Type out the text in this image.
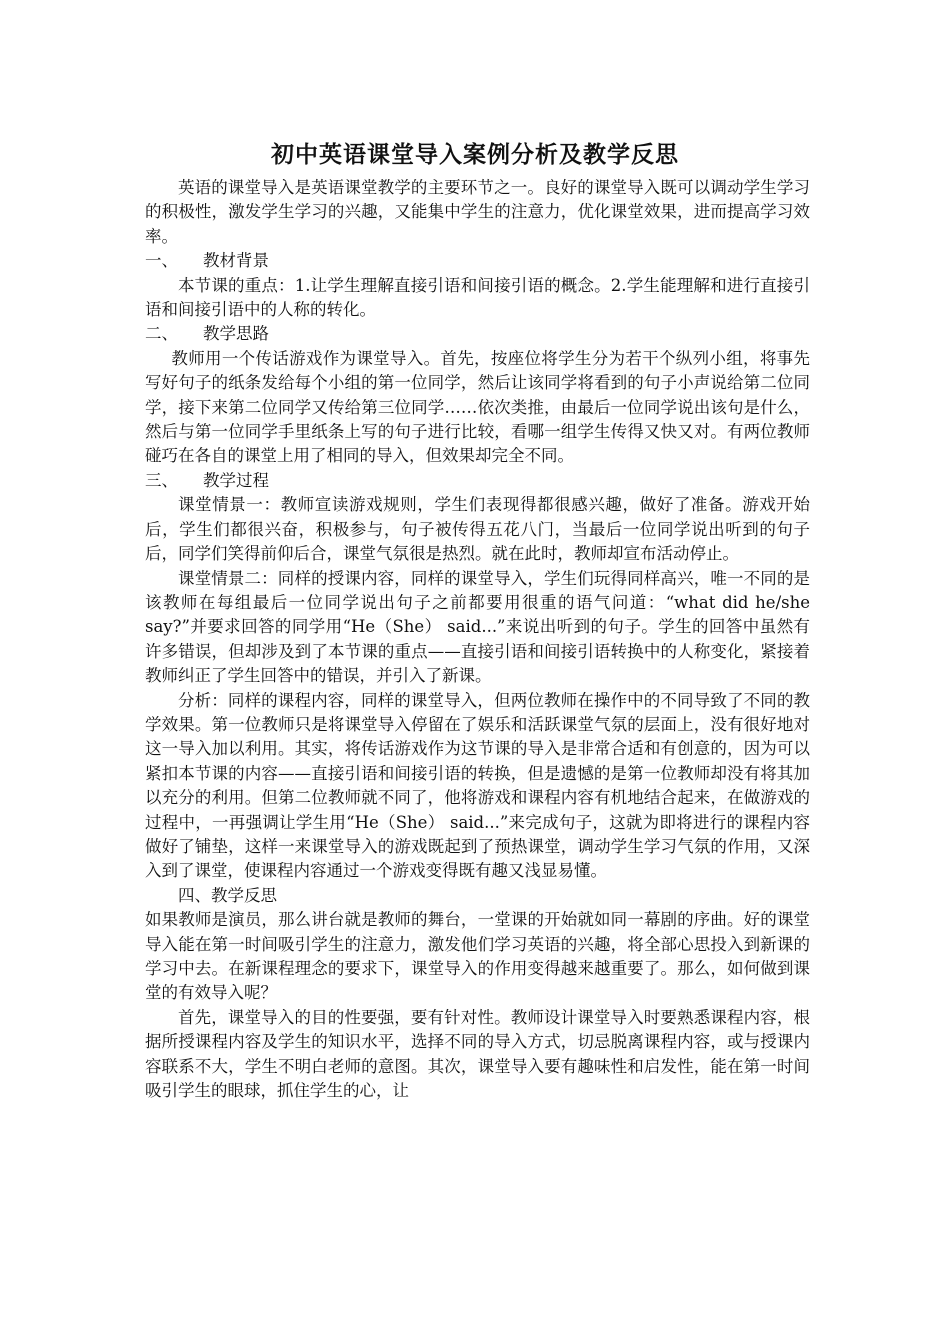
初中英语课堂导入案例分析及教学反思

英语的课堂导入是英语课堂教学的主要环节之一。良好的课堂导入既可以调动学生学习的积极性，激发学生学习的兴趣，又能集中学生的注意力，优化课堂效果，进而提高学习效率。

一、 教材背景

本节课的重点：1.让学生理解直接引语和间接引语的概念。2.学生能理解和进行直接引语和间接引语中的人称的转化。

二、 教学思路

教师用一个传话游戏作为课堂导入。首先，按座位将学生分为若干个纵列小组，将事先写好句子的纸条发给每个小组的第一位同学，然后让该同学将看到的句子小声说给第二位同学，接下来第二位同学又传给第三位同学……依次类推，由最后一位同学说出该句是什么，然后与第一位同学手里纸条上写的句子进行比较，看哪一组学生传得又快又对。有两位教师碰巧在各自的课堂上用了相同的导入，但效果却完全不同。

三、 教学过程

课堂情景一：教师宣读游戏规则，学生们表现得都很感兴趣，做好了准备。游戏开始后，学生们都很兴奋，积极参与，句子被传得五花八门，当最后一位同学说出听到的句子后，同学们笑得前仰后合，课堂气氛很是热烈。就在此时，教师却宣布活动停止。

课堂情景二：同样的授课内容，同样的课堂导入，学生们玩得同样高兴，唯一不同的是该教师在每组最后一位同学说出句子之前都要用很重的语气问道：“what did he/she say?”并要求回答的同学用“He（She） said...”来说出听到的句子。学生的回答中虽然有许多错误，但却涉及到了本节课的重点——直接引语和间接引语转换中的人称变化，紧接着教师纠正了学生回答中的错误，并引入了新课。

分析：同样的课程内容，同样的课堂导入，但两位教师在操作中的不同导致了不同的教学效果。第一位教师只是将课堂导入停留在了娱乐和活跃课堂气氛的层面上，没有很好地对这一导入加以利用。其实，将传话游戏作为这节课的导入是非常合适和有创意的，因为可以紧扣本节课的内容——直接引语和间接引语的转换，但是遗憾的是第一位教师却没有将其加以充分的利用。但第二位教师就不同了，他将游戏和课程内容有机地结合起来，在做游戏的过程中，一再强调让学生用“He（She） said...”来完成句子，这就为即将进行的课程内容做好了铺垫，这样一来课堂导入的游戏既起到了预热课堂，调动学生学习气氛的作用，又深入到了课堂，使课程内容通过一个游戏变得既有趣又浅显易懂。

四、教学反思

如果教师是演员，那么讲台就是教师的舞台，一堂课的开始就如同一幕剧的序曲。好的课堂导入能在第一时间吸引学生的注意力，激发他们学习英语的兴趣，将全部心思投入到新课的学习中去。在新课程理念的要求下，课堂导入的作用变得越来越重要了。那么，如何做到课堂的有效导入呢？

首先，课堂导入的目的性要强，要有针对性。教师设计课堂导入时要熟悉课程内容，根据所授课程内容及学生的知识水平，选择不同的导入方式，切忌脱离课程内容，或与授课内容联系不大，学生不明白老师的意图。其次，课堂导入要有趣味性和启发性，能在第一时间吸引学生的眼球，抓住学生的心，让
